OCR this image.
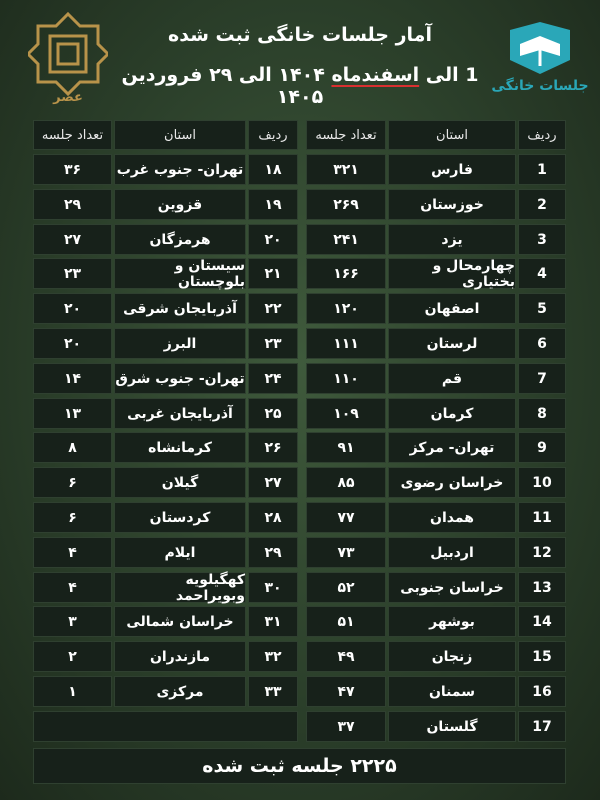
عصر
آمار جلسات خانگی ثبت شده
1 الی اسفندماه ۱۴۰۴ الی ۲۹ فروردین ۱۴۰۵	جلسات خانگی
ردیف
استان
تعداد جلسه
1
فارس
۳۲۱
2
خوزستان
۲۶۹
3
یزد
۲۴۱
4
چهارمحال و بختیاری
۱۶۶
5
اصفهان
۱۲۰
6
لرستان
۱۱۱
7
قم
۱۱۰
8
کرمان
۱۰۹
9
تهران- مرکز
۹۱
10
خراسان رضوی
۸۵
11
همدان
۷۷
12
اردبیل
۷۳
13
خراسان جنوبی
۵۲
14
بوشهر
۵۱
15
زنجان
۴۹
16
سمنان
۴۷
17
گلستان
۳۷
ردیف
استان
تعداد جلسه
۱۸
تهران- جنوب غرب
۳۶
۱۹
قزوین
۲۹
۲۰
هرمزگان
۲۷
۲۱
سیستان و بلوچستان
۲۳
۲۲
آذربایجان شرقی
۲۰
۲۳
البرز
۲۰
۲۴
تهران- جنوب شرق
۱۴
۲۵
آذربایجان غربی
۱۳
۲۶
کرمانشاه
۸
۲۷
گیلان
۶
۲۸
کردستان
۶
۲۹
ایلام
۴
۳۰
کهگیلویه وبویراحمد
۴
۳۱
خراسان شمالی
۳
۳۲
مازندران
۲
۳۳
مرکزی
۱
۲۲۲۵ جلسه ثبت شده
